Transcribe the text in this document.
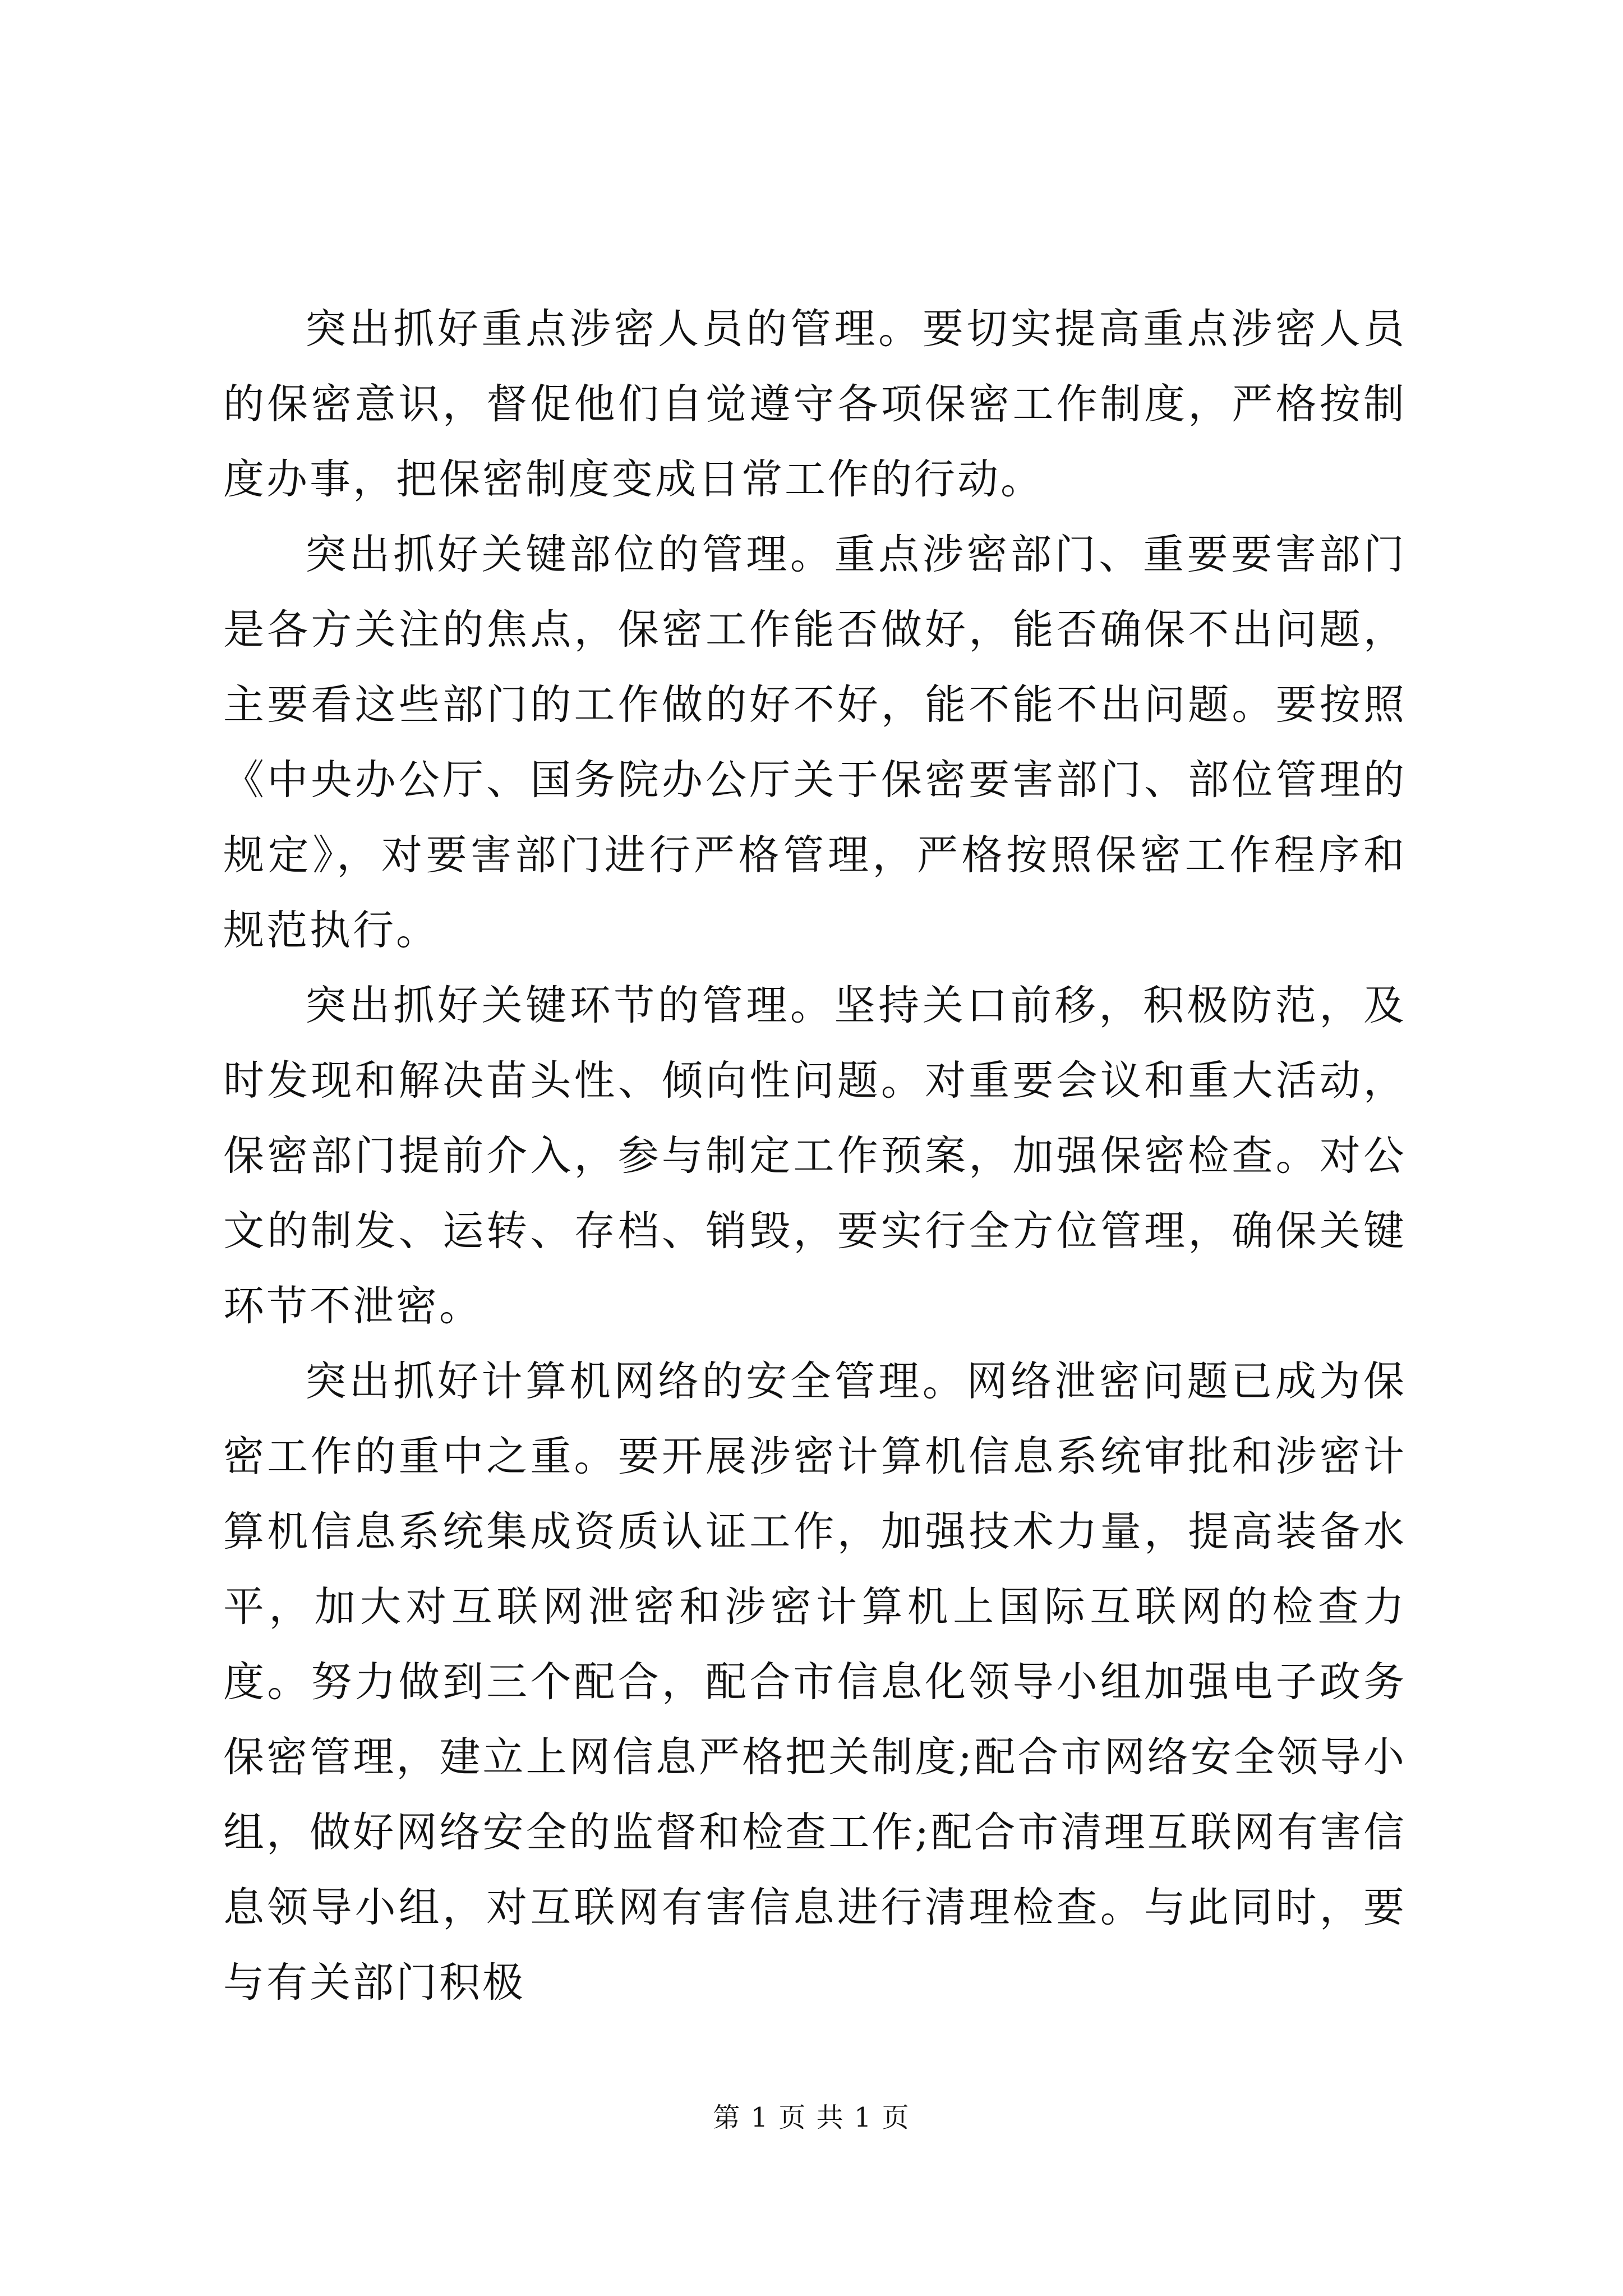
突出抓好重点涉密人员的管理。要切实提高重点涉密人员的保密意识，督促他们自觉遵守各项保密工作制度，严格按制度办事，把保密制度变成日常工作的行动。

突出抓好关键部位的管理。重点涉密部门、重要要害部门是各方关注的焦点，保密工作能否做好，能否确保不出问题，主要看这些部门的工作做的好不好，能不能不出问题。要按照《中央办公厅、国务院办公厅关于保密要害部门、部位管理的规定》，对要害部门进行严格管理，严格按照保密工作程序和规范执行。

突出抓好关键环节的管理。坚持关口前移，积极防范，及时发现和解决苗头性、倾向性问题。对重要会议和重大活动，保密部门提前介入，参与制定工作预案，加强保密检查。对公文的制发、运转、存档、销毁，要实行全方位管理，确保关键环节不泄密。

突出抓好计算机网络的安全管理。网络泄密问题已成为保密工作的重中之重。要开展涉密计算机信息系统审批和涉密计算机信息系统集成资质认证工作，加强技术力量，提高装备水平，加大对互联网泄密和涉密计算机上国际互联网的检查力度。努力做到三个配合，配合市信息化领导小组加强电子政务保密管理，建立上网信息严格把关制度;配合市网络安全领导小组，做好网络安全的监督和检查工作;配合市清理互联网有害信息领导小组，对互联网有害信息进行清理检查。与此同时，要与有关部门积极

第 1 页 共 1 页
